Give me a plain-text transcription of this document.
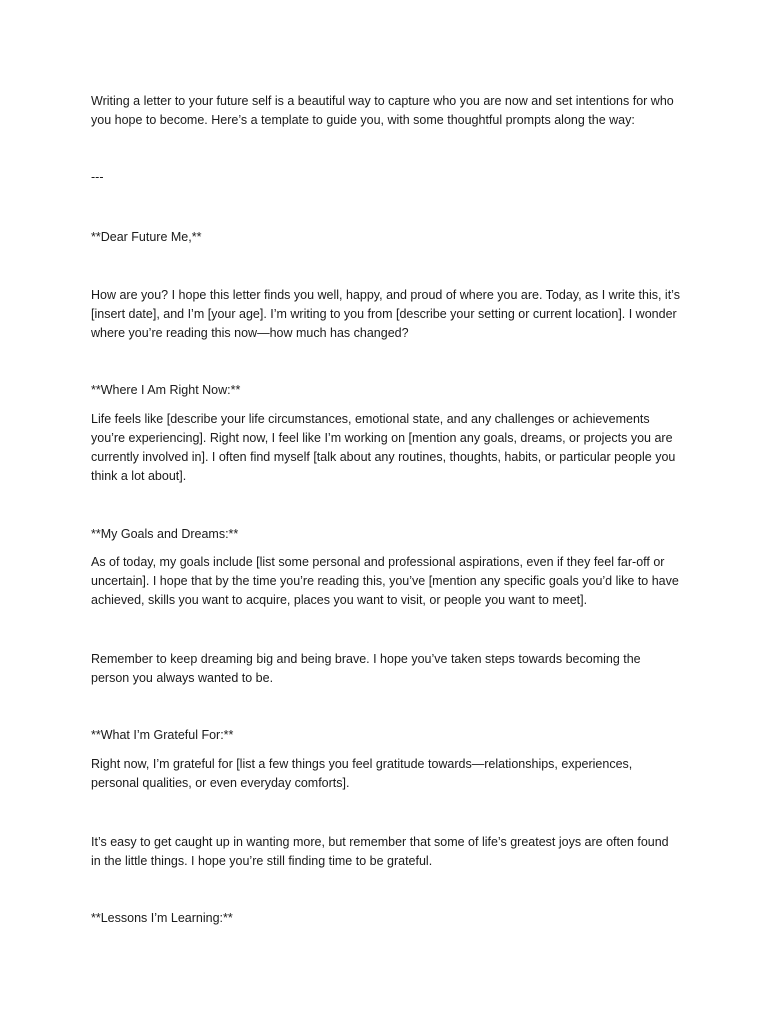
Writing a letter to your future self is a beautiful way to capture who you are now and set intentions for who you hope to become. Here’s a template to guide you, with some thoughtful prompts along the way:

---

**Dear Future Me,**

How are you? I hope this letter finds you well, happy, and proud of where you are. Today, as I write this, it’s [insert date], and I’m [your age]. I’m writing to you from [describe your setting or current location]. I wonder where you’re reading this now—how much has changed?

**Where I Am Right Now:**

Life feels like [describe your life circumstances, emotional state, and any challenges or achievements you’re experiencing]. Right now, I feel like I’m working on [mention any goals, dreams, or projects you are currently involved in]. I often find myself [talk about any routines, thoughts, habits, or particular people you think a lot about].

**My Goals and Dreams:**

As of today, my goals include [list some personal and professional aspirations, even if they feel far-off or uncertain]. I hope that by the time you’re reading this, you’ve [mention any specific goals you’d like to have achieved, skills you want to acquire, places you want to visit, or people you want to meet].

Remember to keep dreaming big and being brave. I hope you’ve taken steps towards becoming the person you always wanted to be.

**What I’m Grateful For:**

Right now, I’m grateful for [list a few things you feel gratitude towards—relationships, experiences, personal qualities, or even everyday comforts].

It’s easy to get caught up in wanting more, but remember that some of life’s greatest joys are often found in the little things. I hope you’re still finding time to be grateful.

**Lessons I’m Learning:**
